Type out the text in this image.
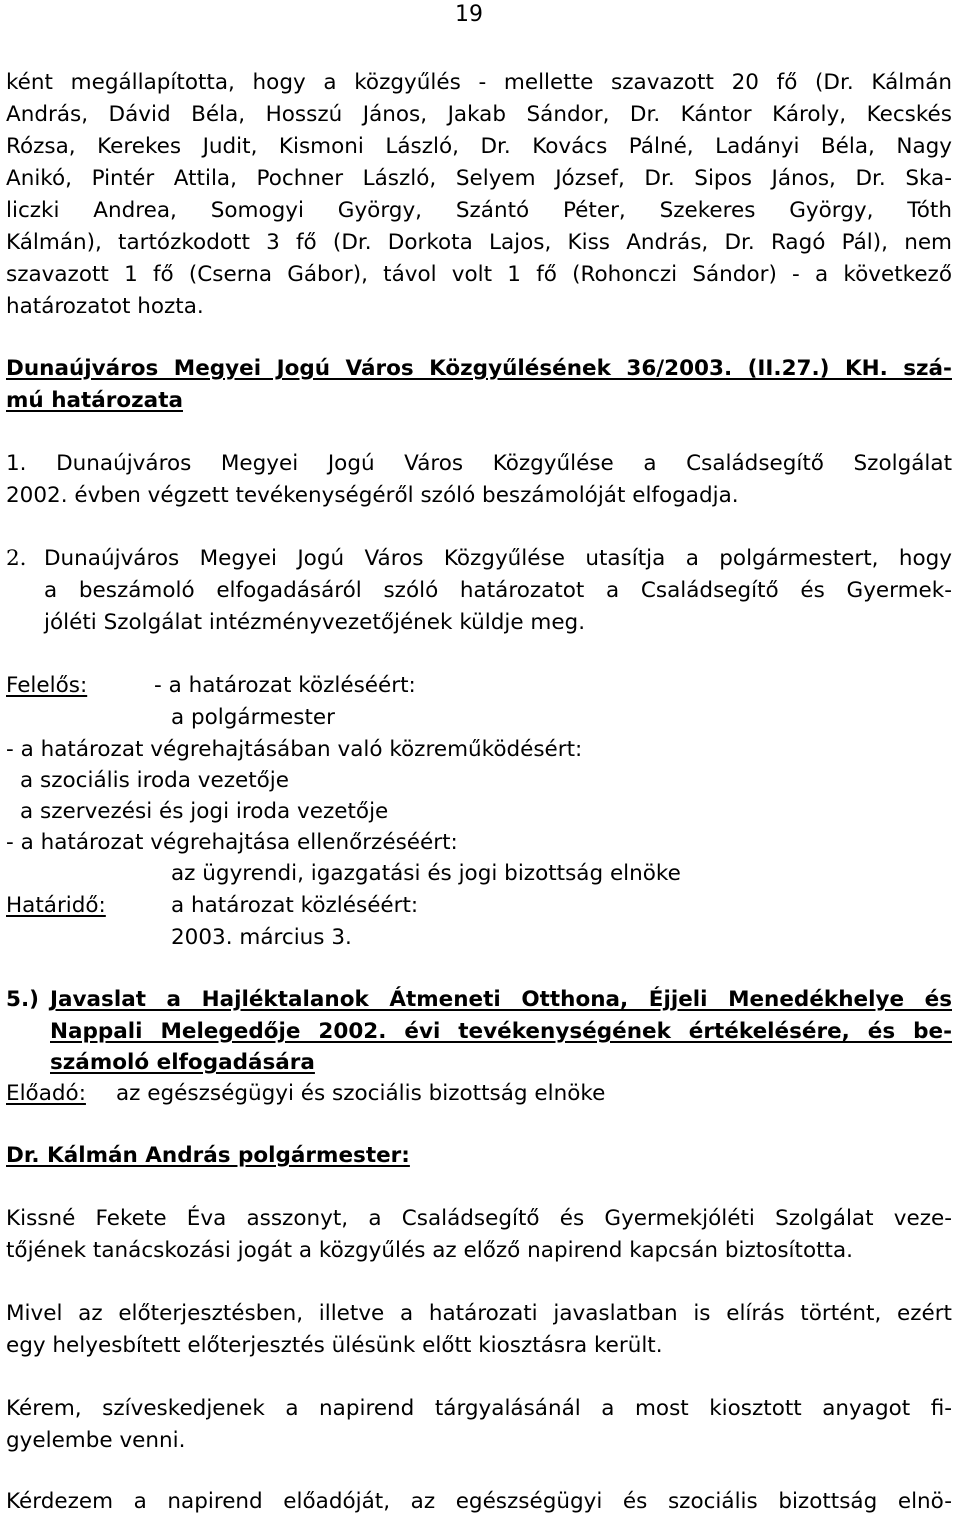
19
ként megállapította, hogy a közgyűlés - mellette szavazott 20 fő (Dr. Kálmán
András, Dávid Béla, Hosszú János, Jakab Sándor, Dr. Kántor Károly, Kecskés
Rózsa, Kerekes Judit, Kismoni László, Dr. Kovács Pálné, Ladányi Béla, Nagy
Anikó, Pintér Attila, Pochner László, Selyem József, Dr. Sipos János, Dr. Ska-
liczki Andrea, Somogyi György, Szántó Péter, Szekeres György, Tóth
Kálmán), tartózkodott 3 fő (Dr. Dorkota Lajos, Kiss András, Dr. Ragó Pál), nem
szavazott 1 fő (Cserna Gábor), távol volt 1 fő (Rohonczi Sándor) - a következő
határozatot hozta.
Dunaújváros Megyei Jogú Város Közgyűlésének 36/2003. (II.27.) KH. szá-
mú határozata
1. Dunaújváros Megyei Jogú Város Közgyűlése a Családsegítő Szolgálat
2002. évben végzett tevékenységéről szóló beszámolóját elfogadja.
2. Dunaújváros Megyei Jogú Város Közgyűlése utasítja a polgármestert, hogy
a beszámoló elfogadásáról szóló határozatot a Családsegítő és Gyermek-
jóléti Szolgálat intézményvezetőjének küldje meg.
Felelős:	- a határozat közléséért:
a polgármester
- a határozat végrehajtásában való közreműködésért:
a szociális iroda vezetője
a szervezési és jogi iroda vezetője
- a határozat végrehajtása ellenőrzéséért:
az ügyrendi, igazgatási és jogi bizottság elnöke
Határidő:	a határozat közléséért:
2003. március 3.
5.) Javaslat a Hajléktalanok Átmeneti Otthona, Éjjeli Menedékhelye és
Nappali Melegedője 2002. évi tevékenységének értékelésére, és be-
számoló elfogadására
Előadó: az egészségügyi és szociális bizottság elnöke
Dr. Kálmán András polgármester:
Kissné Fekete Éva asszonyt, a Családsegítő és Gyermekjóléti Szolgálat veze-
tőjének tanácskozási jogát a közgyűlés az előző napirend kapcsán biztosította.
Mivel az előterjesztésben, illetve a határozati javaslatban is elírás történt, ezért
egy helyesbített előterjesztés ülésünk előtt kiosztásra került.
Kérem, szíveskedjenek a napirend tárgyalásánál a most kiosztott anyagot fi-
gyelembe venni.
Kérdezem a napirend előadóját, az egészségügyi és szociális bizottság elnö-
